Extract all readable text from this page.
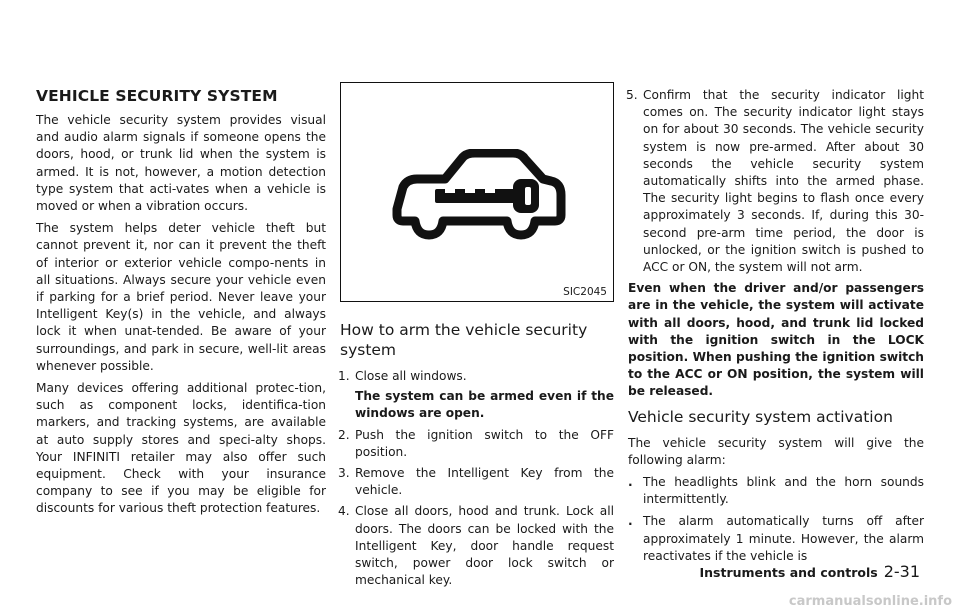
VEHICLE SECURITY SYSTEM

The vehicle security system provides visual and audio alarm signals if someone opens the doors, hood, or trunk lid when the system is armed. It is not, however, a motion detection type system that acti-vates when a vehicle is moved or when a vibration occurs.

The system helps deter vehicle theft but cannot prevent it, nor can it prevent the theft of interior or exterior vehicle compo-nents in all situations. Always secure your vehicle even if parking for a brief period. Never leave your Intelligent Key(s) in the vehicle, and always lock it when unat-tended. Be aware of your surroundings, and park in secure, well-lit areas whenever possible.

Many devices offering additional protec-tion, such as component locks, identifica-tion markers, and tracking systems, are available at auto supply stores and speci-alty shops. Your INFINITI retailer may also offer such equipment. Check with your insurance company to see if you may be eligible for discounts for various theft protection features.

SIC2045
How to arm the vehicle security system
1. Close all windows.

The system can be armed even if the windows are open.

2. Push the ignition switch to the OFF position.

3. Remove the Intelligent Key from the vehicle.

4. Close all doors, hood and trunk. Lock all doors. The doors can be locked with the Intelligent Key, door handle request switch, power door lock switch or mechanical key.

5. Confirm that the security indicator light comes on. The security indicator light stays on for about 30 seconds. The vehicle security system is now pre-armed. After about 30 seconds the vehicle security system automatically shifts into the armed phase. The security light begins to flash once every approximately 3 seconds. If, during this 30-second pre-arm time period, the door is unlocked, or the ignition switch is pushed to ACC or ON, the system will not arm.

Even when the driver and/or passengers are in the vehicle, the system will activate with all doors, hood, and trunk lid locked with the ignition switch in the LOCK position. When pushing the ignition switch to the ACC or ON position, the system will be released.

Vehicle security system activation

The vehicle security system will give the following alarm:

. The headlights blink and the horn sounds intermittently.

. The alarm automatically turns off after approximately 1 minute. However, the alarm reactivates if the vehicle is

Instruments and controls 2-31
carmanualsonline.info
